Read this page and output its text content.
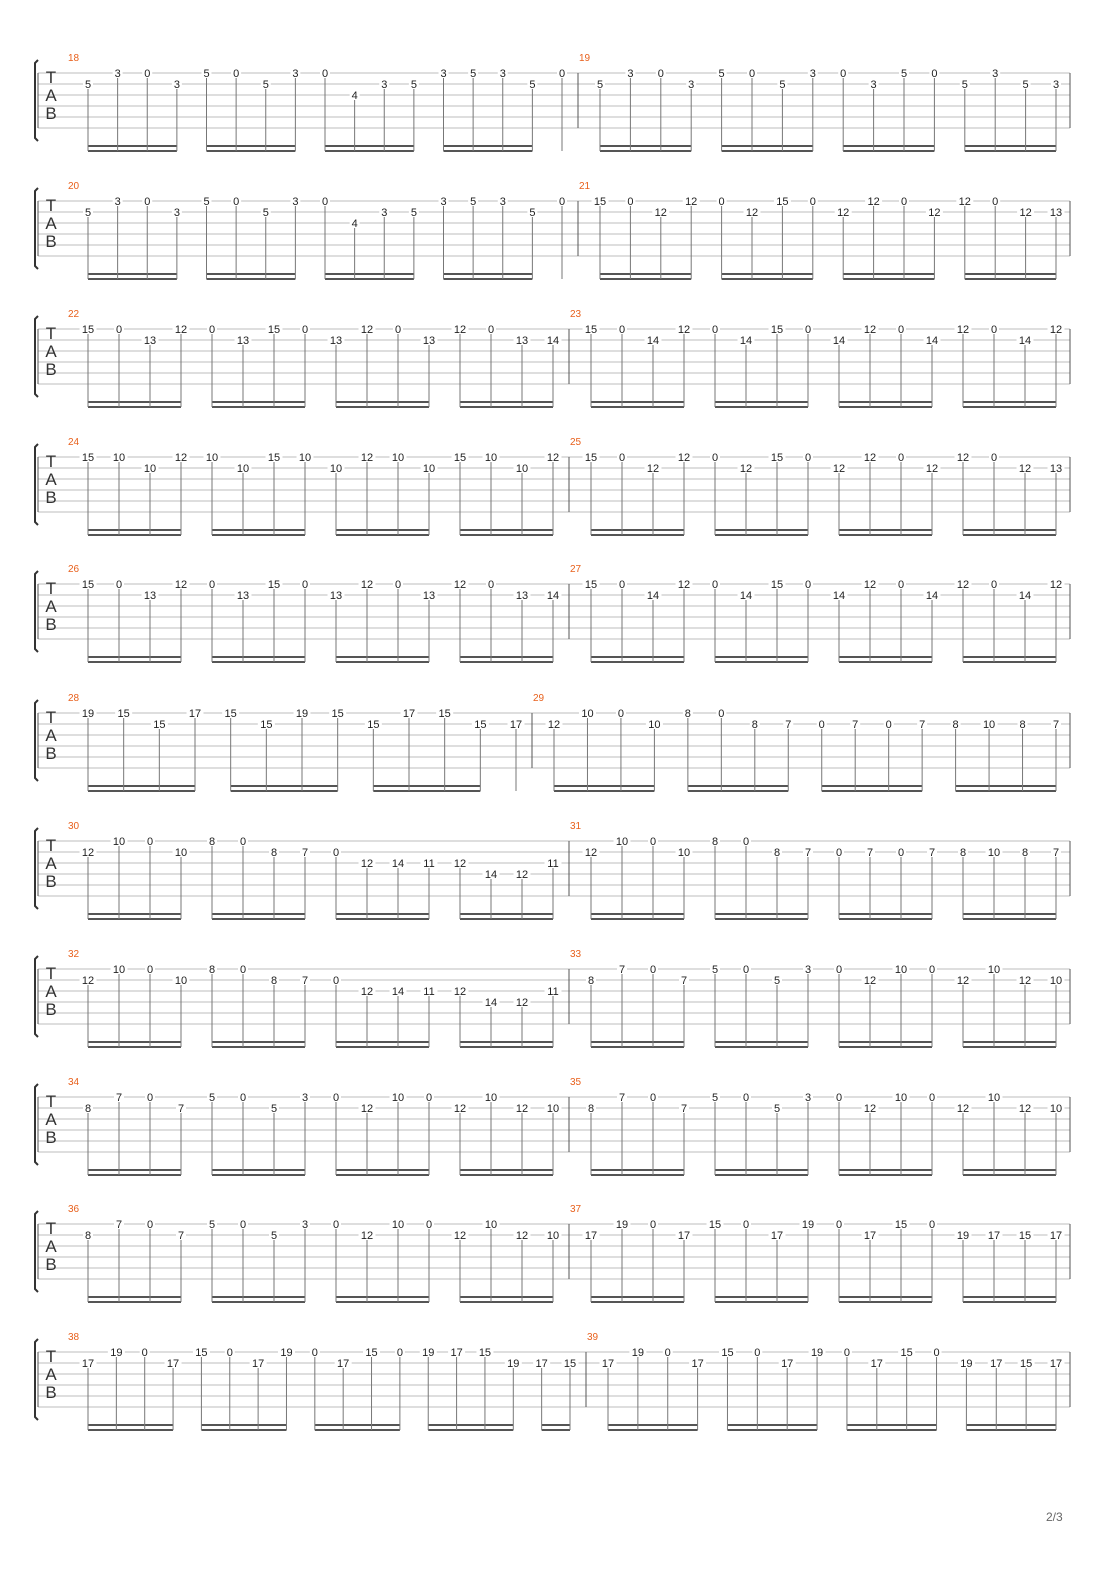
T
A
B
18
5
3 0
3
5 0
5
3 0
4
3 5
3 5 3
5
0
19
5
3 0
3
5 0
5
3 0
3
5 0
5
3
5 3
T
A
B
20
5
3 0
3
5 0
5
3 0
4
3 5
3 5 3
5
0
21
15 0
12
12 0
12
15 0
12
12 0
12
12 0
12 13
T
A
B
22
15 0
13
12 0
13
15 0
13
12 0
13
12 0
13 14
23
15 0
14
12 0
14
15 0
14
12 0
14
12 0
14
12
T
A
B
24
15 10
10
12 10
10
15 10
10
12 10
10
15 10
10
12
25
15 0
12
12 0
12
15 0
12
12 0
12
12 0
12 13
T
A
B
26
15 0
13
12 0
13
15 0
13
12 0
13
12 0
13 14
27
15 0
14
12 0
14
15 0
14
12 0
14
12 0
14
12
T
A
B
28
19 15
15
17 15
15
19 15
15
17 15
15 17
29
12
10 0
10
8 0
8 7 0 7 0 7 8 10 8 7
T
A
B
30
12
10 0
10
8 0
8 7 0
12 14 11 12
14 12
11
31
12
10 0
10
8 0
8 7 0 7 0 7 8 10 8 7
T
A
B
32
12
10 0
10
8 0
8 7 0
12 14 11 12
14 12
11
33
8
7 0
7
5 0
5
3 0
12
10 0
12
10
12 10
T
A
B
34
8
7 0
7
5 0
5
3 0
12
10 0
12
10
12 10
35
8
7 0
7
5 0
5
3 0
12
10 0
12
10
12 10
T
A
B
36
8
7 0
7
5 0
5
3 0
12
10 0
12
10
12 10
37
17
19 0
17
15 0
17
19 0
17
15 0
19 17 15 17
T
A
B
38
17
19 0
17
15 0
17
19 0
17
15 0 19 17 15
19 17 15
39
17
19 0
17
15 0
17
19 0
17
15 0
19 17 15 17
2/3
